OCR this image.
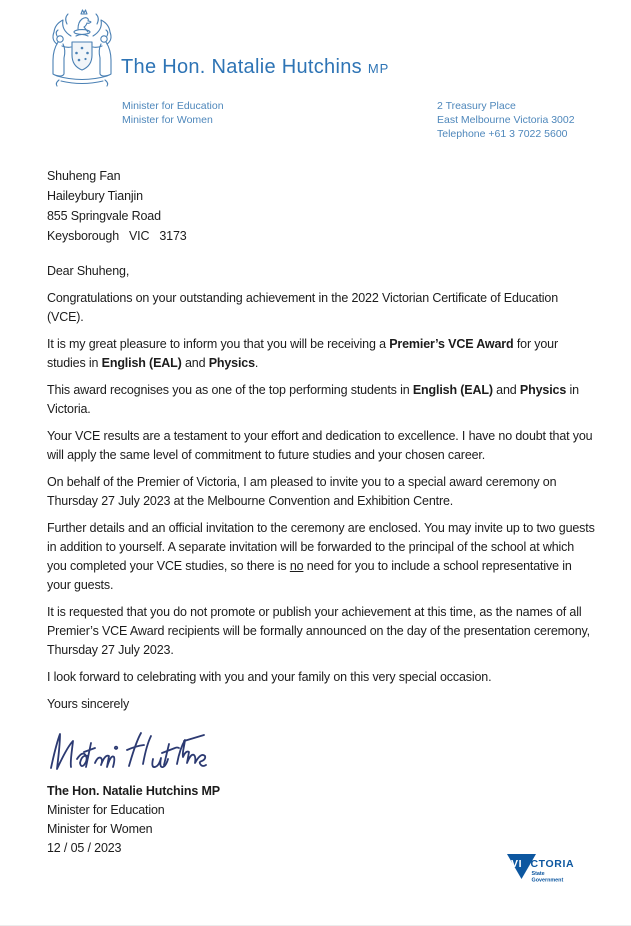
The Hon. Natalie Hutchins MP
Minister for Education
Minister for Women
2 Treasury Place
East Melbourne Victoria 3002
Telephone +61 3 7022 5600
Shuheng Fan
Haileybury Tianjin
855 Springvale Road
Keysborough   VIC   3173

Dear Shuheng,

Congratulations on your outstanding achievement in the 2022 Victorian Certificate of Education (VCE).

It is my great pleasure to inform you that you will be receiving a Premier’s VCE Award for your studies in English (EAL) and Physics.

This award recognises you as one of the top performing students in English (EAL) and Physics in Victoria.

Your VCE results are a testament to your effort and dedication to excellence. I have no doubt that you will apply the same level of commitment to future studies and your chosen career.

On behalf of the Premier of Victoria, I am pleased to invite you to a special award ceremony on Thursday 27 July 2023 at the Melbourne Convention and Exhibition Centre.

Further details and an official invitation to the ceremony are enclosed. You may invite up to two guests in addition to yourself. A separate invitation will be forwarded to the principal of the school at which you completed your VCE studies, so there is no need for you to include a school representative in your guests.

It is requested that you do not promote or publish your achievement at this time, as the names of all Premier’s VCE Award recipients will be formally announced on the day of the presentation ceremony, Thursday 27 July 2023.

I look forward to celebrating with you and your family on this very special occasion.

Yours sincerely

The Hon. Natalie Hutchins MP
Minister for Education
Minister for Women
12 / 05 / 2023
VI CTORIA
State
Government
